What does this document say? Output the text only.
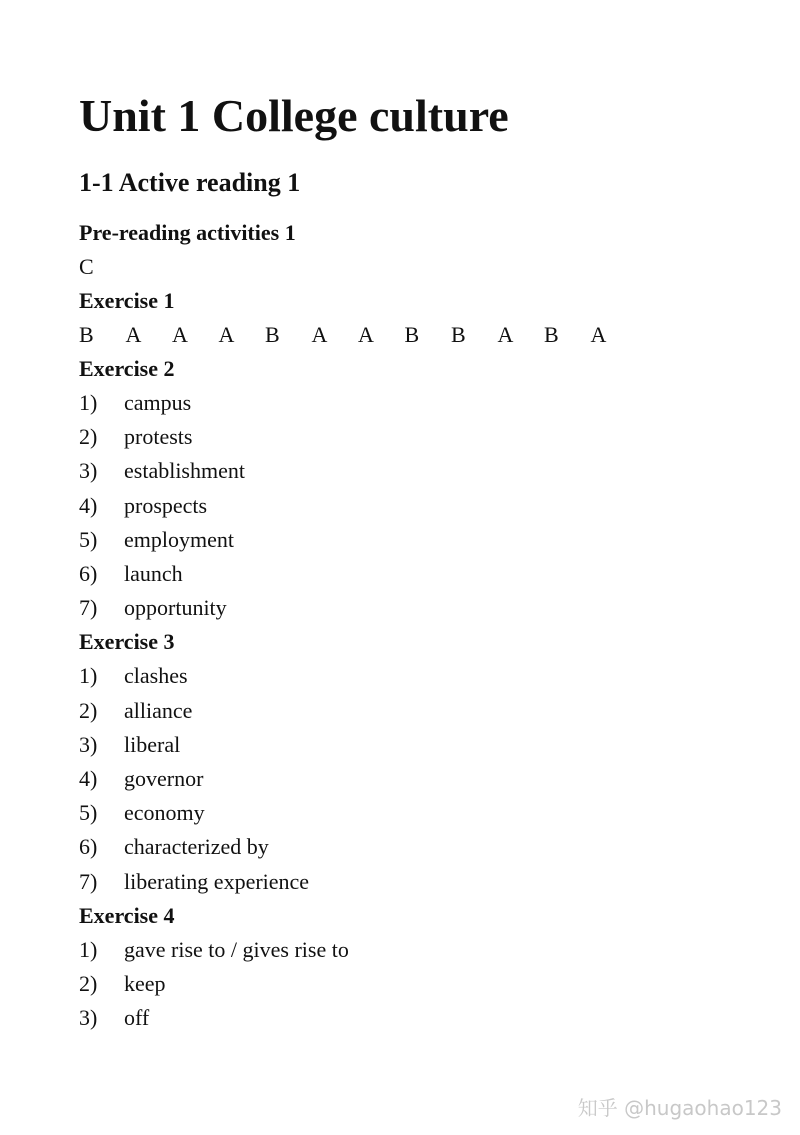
Unit 1 College culture
1-1 Active reading 1
Pre-reading activities 1
C
Exercise 1
B	A	A	A	B	A	A	B	B	A	B	A
Exercise 2
1)	campus
2)	protests
3)	establishment
4)	prospects
5)	employment
6)	launch
7)	opportunity
Exercise 3
1)	clashes
2)	alliance
3)	liberal
4)	governor
5)	economy
6)	characterized by
7)	liberating experience
Exercise 4
1)	gave rise to / gives rise to
2)	keep
3)	off
知乎 @hugaohao123
